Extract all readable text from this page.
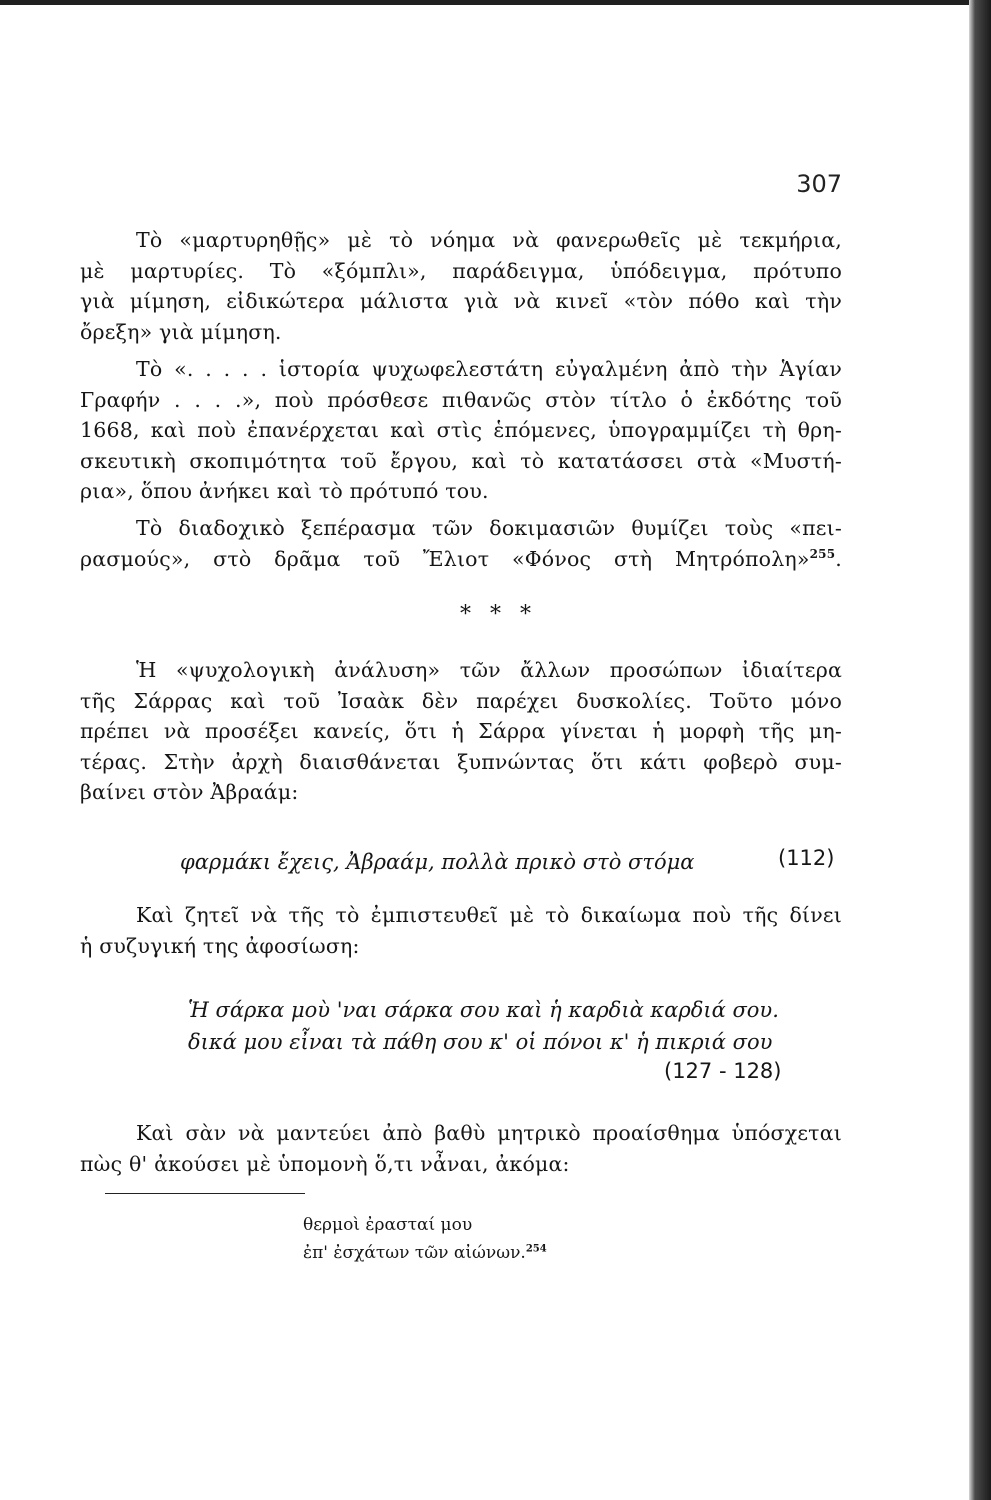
307
Τὸ «μαρτυρηθῇς» μὲ τὸ νόημα νὰ φανερωθεῖς μὲ τεκμήρια,
μὲ μαρτυρίες. Τὸ «ξόμπλι», παράδειγμα, ὑπόδειγμα, πρότυπο
γιὰ μίμηση, εἰδικώτερα μάλιστα γιὰ νὰ κινεῖ «τὸν πόθο καὶ τὴν
ὄρεξη» γιὰ μίμηση.
Τὸ «. . . . . ἱστορία ψυχωφελεστάτη εὐγαλμένη ἀπὸ τὴν Ἁγίαν
Γραφήν . . . .», ποὺ πρόσθεσε πιθανῶς στὸν τίτλο ὁ ἐκδότης τοῦ
1668, καὶ ποὺ ἐπανέρχεται καὶ στὶς ἑπόμενες, ὑπογραμμίζει τὴ θρη-
σκευτικὴ σκοπιμότητα τοῦ ἔργου, καὶ τὸ κατατάσσει στὰ «Μυστή-
ρια», ὅπου ἀνήκει καὶ τὸ πρότυπό του.
Τὸ διαδοχικὸ ξεπέρασμα τῶν δοκιμασιῶν θυμίζει τοὺς «πει-
ρασμούς», στὸ δρᾶμα τοῦ Ἔλιοτ «Φόνος στὴ Μητρόπολη»$^{255}$.
* * *
Ἡ «ψυχολογικὴ ἀνάλυση» τῶν ἄλλων προσώπων ἰδιαίτερα
τῆς Σάρρας καὶ τοῦ Ἰσαὰκ δὲν παρέχει δυσκολίες. Τοῦτο μόνο
πρέπει νὰ προσέξει κανείς, ὅτι ἡ Σάρρα γίνεται ἡ μορφὴ τῆς μη-
τέρας. Στὴν ἀρχὴ διαισθάνεται ξυπνώντας ὅτι κάτι φοβερὸ συμ-
βαίνει στὸν Ἀβραάμ:
φαρμάκι ἔχεις, Ἀβραάμ, πολλὰ πρικὸ στὸ στόμα	(112)
Καὶ ζητεῖ νὰ τῆς τὸ ἐμπιστευθεῖ μὲ τὸ δικαίωμα ποὺ τῆς δίνει
ἡ συζυγική της ἀφοσίωση:
Ἡ σάρκα μοὺ 'ναι σάρκα σου καὶ ἡ καρδιὰ καρδιά σου.
δικά μου εἶναι τὰ πάθη σου κ' οἱ πόνοι κ' ἡ πικριά σου
(127 - 128)
Καὶ σὰν νὰ μαντεύει ἀπὸ βαθὺ μητρικὸ προαίσθημα ὑπόσχεται
πὼς θ' ἀκούσει μὲ ὑπομονὴ ὅ,τι νἆναι, ἀκόμα:
θερμοὶ ἐρασταί μου
ἐπ' ἐσχάτων τῶν αἰώνων.$^{254}$
